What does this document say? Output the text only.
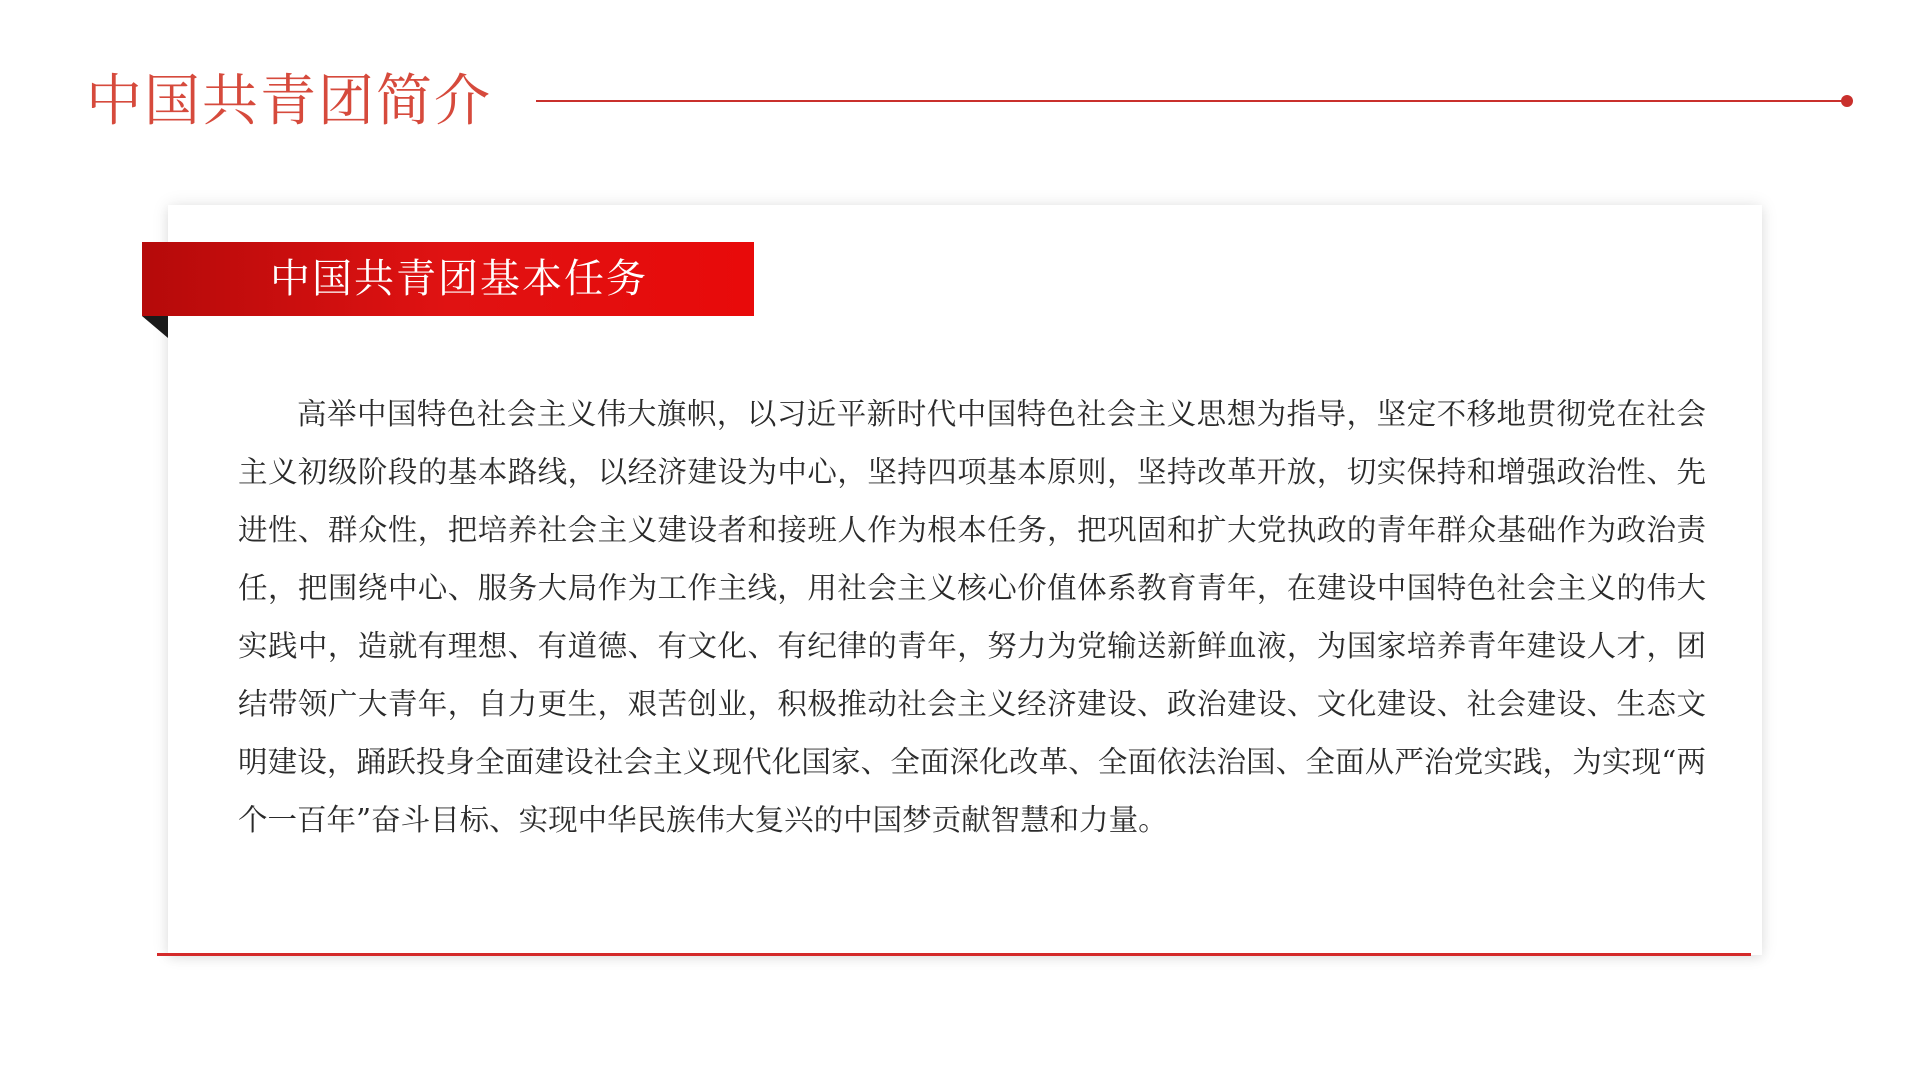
中国共青团简介
中国共青团基本任务

高举中国特色社会主义伟大旗帜，以习近平新时代中国特色社会主义思想为指导，坚定不移地贯彻党在社会主义初级阶段的基本路线，以经济建设为中心，坚持四项基本原则，坚持改革开放，切实保持和增强政治性、先进性、群众性，把培养社会主义建设者和接班人作为根本任务，把巩固和扩大党执政的青年群众基础作为政治责任，把围绕中心、服务大局作为工作主线，用社会主义核心价值体系教育青年，在建设中国特色社会主义的伟大实践中，造就有理想、有道德、有文化、有纪律的青年，努力为党输送新鲜血液，为国家培养青年建设人才，团结带领广大青年，自力更生，艰苦创业，积极推动社会主义经济建设、政治建设、文化建设、社会建设、生态文明建设，踊跃投身全面建设社会主义现代化国家、全面深化改革、全面依法治国、全面从严治党实践，为实现“两个一百年”奋斗目标、实现中华民族伟大复兴的中国梦贡献智慧和力量。
